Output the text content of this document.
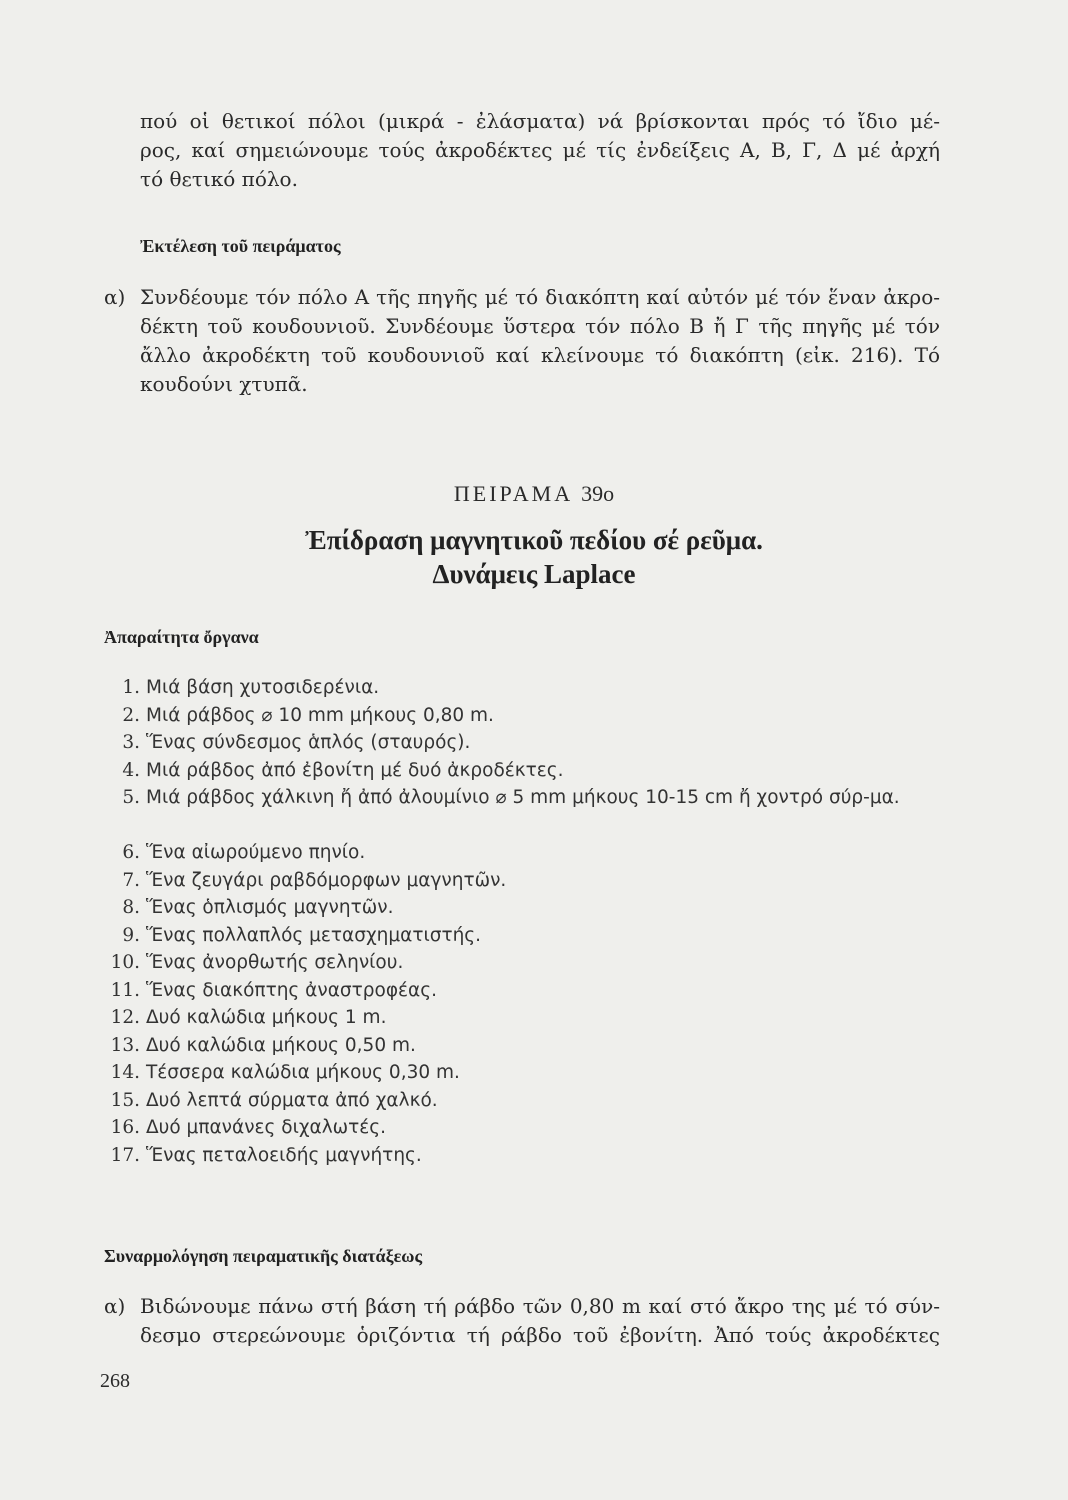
πού οἱ θετικοί πόλοι (μικρά - ἐλάσματα) νά βρίσκονται πρός τό ἴδιο μέ-

ρος, καί σημειώνουμε τούς ἀκροδέκτες μέ τίς ἐνδείξεις Α, Β, Γ, Δ μέ ἀρχή

τό θετικό πόλο.

Ἐκτέλεση τοῦ πειράματος
α) Συνδέουμε τόν πόλο Α τῆς πηγῆς μέ τό διακόπτη καί αὐτόν μέ τόν ἕναν ἀκρο-

δέκτη τοῦ κουδουνιοῦ. Συνδέουμε ὕστερα τόν πόλο Β ἤ Γ τῆς πηγῆς μέ τόν

ἄλλο ἀκροδέκτη τοῦ κουδουνιοῦ καί κλείνουμε τό διακόπτη (εἰκ. 216). Τό

κουδούνι χτυπᾶ.

ΠΕΙΡΑΜΑ 39ο
Ἐπίδραση μαγνητικοῦ πεδίου σέ ρεῦμα.
Δυνάμεις Laplace
Ἀπαραίτητα ὄργανα
1. Μιά βάση χυτοσιδερένια.
2. Μιά ράβδος ⌀ 10 mm μήκους 0,80 m.
3. Ἕνας σύνδεσμος ἁπλός (σταυρός).
4. Μιά ράβδος ἀπό ἐβονίτη μέ δυό ἀκροδέκτες.
5. Μιά ράβδος χάλκινη ἤ ἀπό ἀλουμίνιο ⌀ 5 mm μήκους 10-15 cm ἤ χοντρό σύρ-μα.
6. Ἕνα αἰωρούμενο πηνίο.
7. Ἕνα ζευγάρι ραβδόμορφων μαγνητῶν.
8. Ἕνας ὁπλισμός μαγνητῶν.
9. Ἕνας πολλαπλός μετασχηματιστής.
10. Ἕνας ἀνορθωτής σεληνίου.
11. Ἕνας διακόπτης ἀναστροφέας.
12. Δυό καλώδια μήκους 1 m.
13. Δυό καλώδια μήκους 0,50 m.
14. Τέσσερα καλώδια μήκους 0,30 m.
15. Δυό λεπτά σύρματα ἀπό χαλκό.
16. Δυό μπανάνες διχαλωτές.
17. Ἕνας πεταλοειδής μαγνήτης.
Συναρμολόγηση πειραματικῆς διατάξεως
α) Βιδώνουμε πάνω στή βάση τή ράβδο τῶν 0,80 m καί στό ἄκρο της μέ τό σύν-

δεσμο στερεώνουμε ὁριζόντια τή ράβδο τοῦ ἐβονίτη. Ἀπό τούς ἀκροδέκτες

268
